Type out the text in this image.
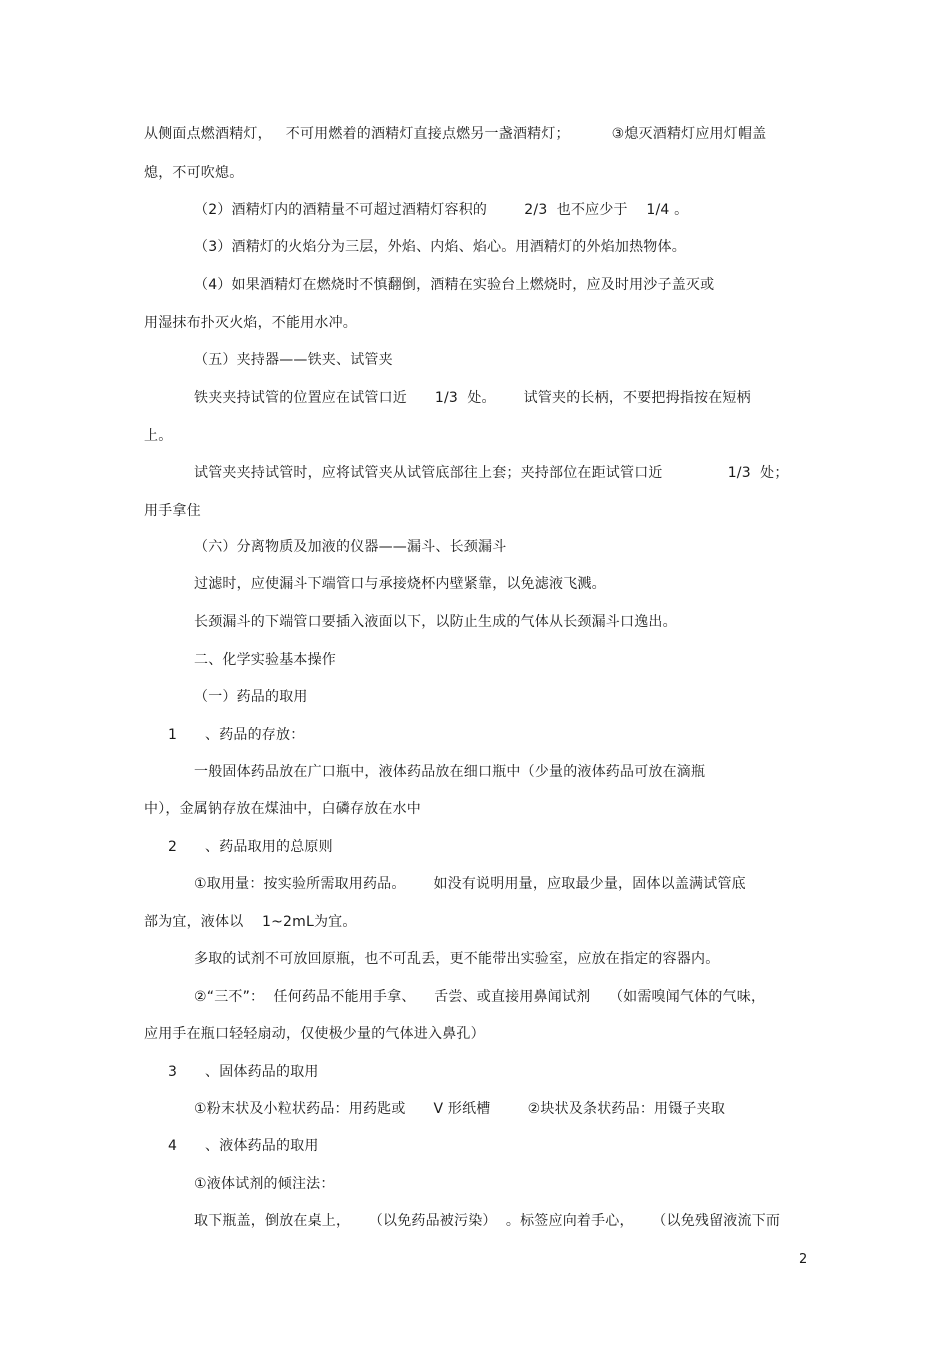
从侧面点燃酒精灯，   不可用燃着的酒精灯直接点燃另一盏酒精灯；         ③熄灭酒精灯应用灯帽盖
熄，不可吹熄。
（2）酒精灯内的酒精量不可超过酒精灯容积的        2/3  也不应少于    1/4 。
（3）酒精灯的火焰分为三层，外焰、内焰、焰心。用酒精灯的外焰加热物体。
（4）如果酒精灯在燃烧时不慎翻倒，酒精在实验台上燃烧时，应及时用沙子盖灭或
用湿抹布扑灭火焰，不能用水冲。
（五）夹持器——铁夹、试管夹
铁夹夹持试管的位置应在试管口近      1/3  处。      试管夹的长柄，不要把拇指按在短柄
上。
试管夹夹持试管时，应将试管夹从试管底部往上套；夹持部位在距试管口近              1/3  处；
用手拿住
（六）分离物质及加液的仪器——漏斗、长颈漏斗
过滤时，应使漏斗下端管口与承接烧杯内壁紧靠，以免滤液飞溅。
长颈漏斗的下端管口要插入液面以下，以防止生成的气体从长颈漏斗口逸出。
二、化学实验基本操作
（一）药品的取用
1      、药品的存放：
一般固体药品放在广口瓶中，液体药品放在细口瓶中（少量的液体药品可放在滴瓶
中），金属钠存放在煤油中，白磷存放在水中
2      、药品取用的总原则
①取用量：按实验所需取用药品。      如没有说明用量，应取最少量，固体以盖满试管底
部为宜，液体以    1~2mL为宜。
多取的试剂不可放回原瓶，也不可乱丢，更不能带出实验室，应放在指定的容器内。
②“三不”：  任何药品不能用手拿、    舌尝、或直接用鼻闻试剂    （如需嗅闻气体的气味，
应用手在瓶口轻轻扇动，仅使极少量的气体进入鼻孔）
3      、固体药品的取用
①粉末状及小粒状药品：用药匙或      V 形纸槽        ②块状及条状药品：用镊子夹取
4      、液体药品的取用
①液体试剂的倾注法：
取下瓶盖，倒放在桌上，    （以免药品被污染）  。标签应向着手心，    （以免残留液流下而
2
